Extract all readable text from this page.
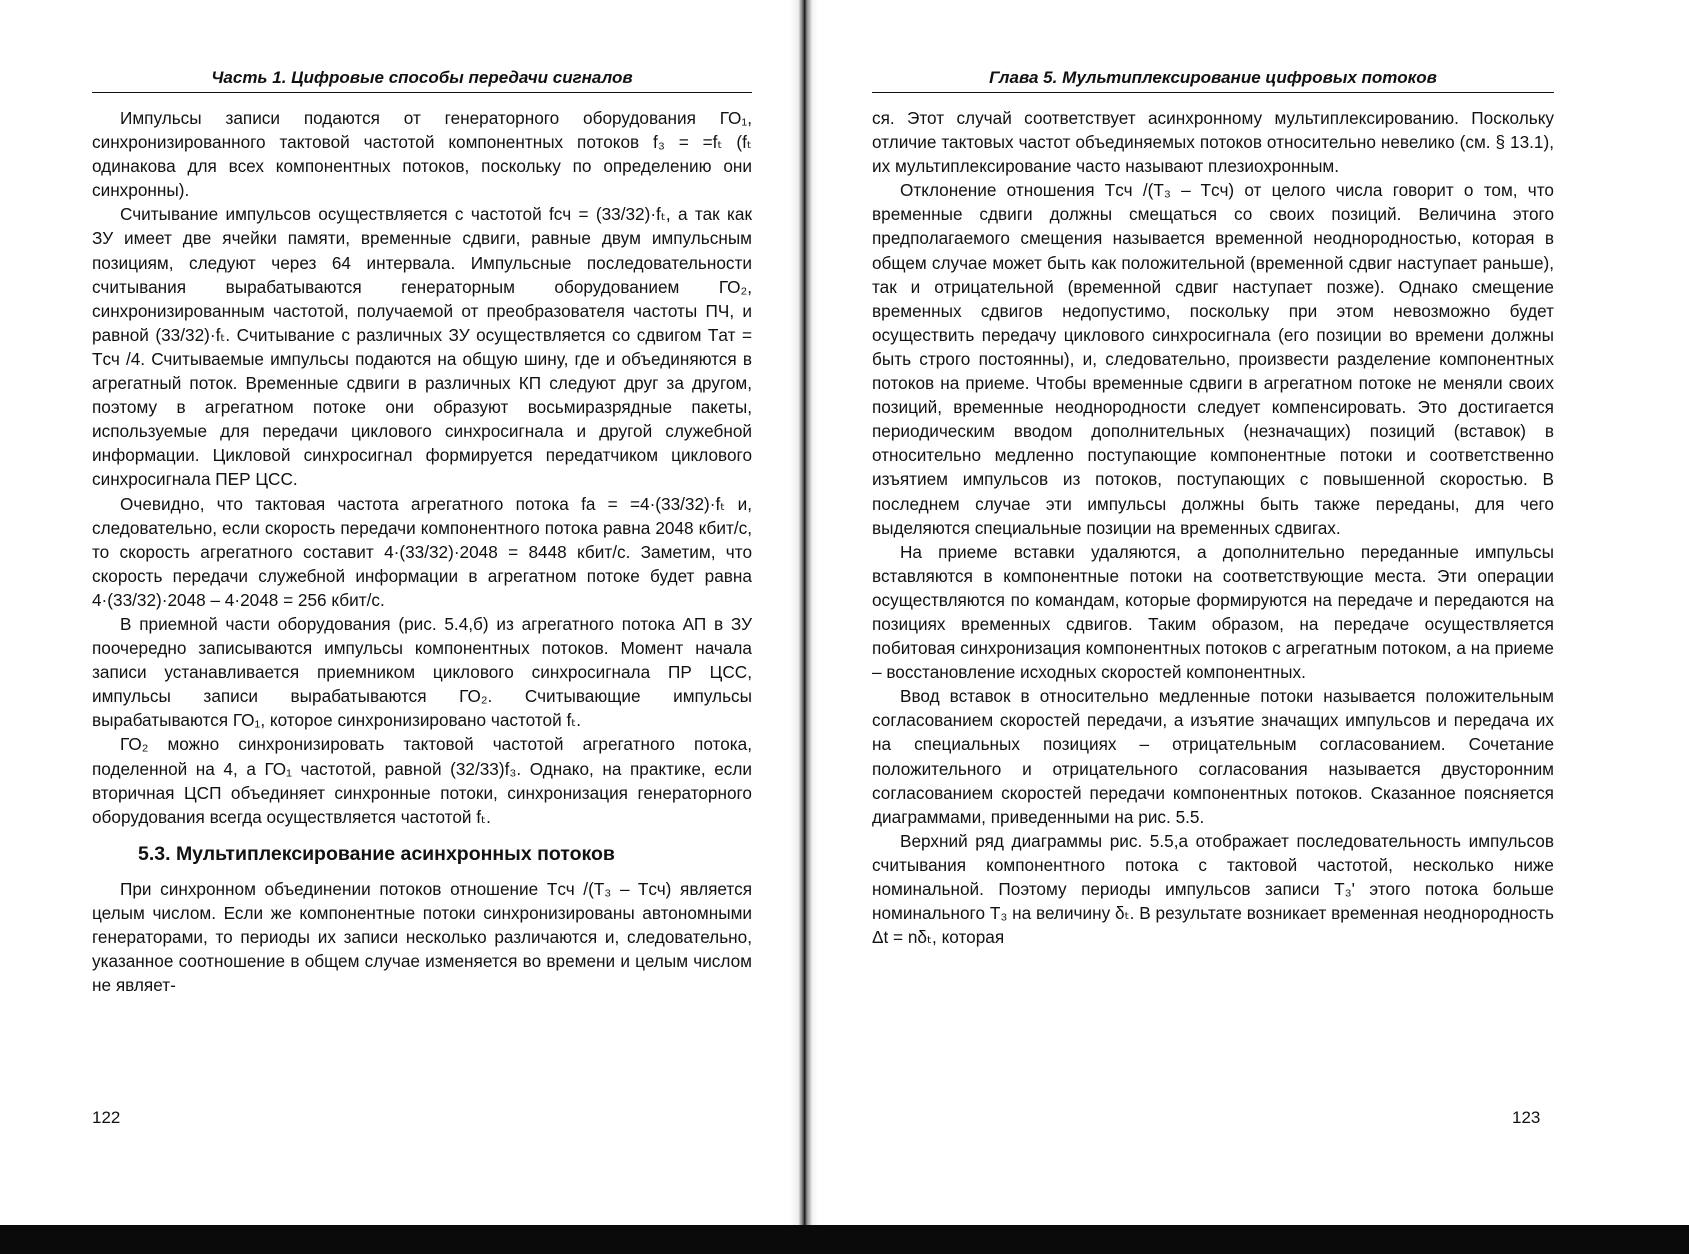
Часть 1. Цифровые способы передачи сигналов

Импульсы записи подаются от генераторного оборудования ГО₁, синхронизированного тактовой частотой компонентных потоков f₃ = =fₜ (fₜ одинакова для всех компонентных потоков, поскольку по определению они синхронны).

Считывание импульсов осуществляется с частотой fсч = (33/32)·fₜ, а так как ЗУ имеет две ячейки памяти, временные сдвиги, равные двум импульсным позициям, следуют через 64 интервала. Импульсные последовательности считывания вырабатываются генераторным оборудованием ГО₂, синхронизированным частотой, получаемой от преобразователя частоты ПЧ, и равной (33/32)·fₜ. Считывание с различных ЗУ осуществляется со сдвигом Tат = Tсч /4. Считываемые импульсы подаются на общую шину, где и объединяются в агрегатный поток. Временные сдвиги в различных КП следуют друг за другом, поэтому в агрегатном потоке они образуют восьмиразрядные пакеты, используемые для передачи циклового синхросигнала и другой служебной информации. Цикловой синхросигнал формируется передатчиком циклового синхросигнала ПЕР ЦСС.

Очевидно, что тактовая частота агрегатного потока fа = =4·(33/32)·fₜ и, следовательно, если скорость передачи компонентного потока равна 2048 кбит/с, то скорость агрегатного составит 4·(33/32)·2048 = 8448 кбит/с. Заметим, что скорость передачи служебной информации в агрегатном потоке будет равна 4·(33/32)·2048 – 4·2048 = 256 кбит/с.

В приемной части оборудования (рис. 5.4,б) из агрегатного потока АП в ЗУ поочередно записываются импульсы компонентных потоков. Момент начала записи устанавливается приемником циклового синхросигнала ПР ЦСС, импульсы записи вырабатываются ГО₂. Считывающие импульсы вырабатываются ГО₁, которое синхронизировано частотой fₜ.

ГО₂ можно синхронизировать тактовой частотой агрегатного потока, поделенной на 4, а ГО₁ частотой, равной (32/33)f₃. Однако, на практике, если вторичная ЦСП объединяет синхронные потоки, синхронизация генераторного оборудования всегда осуществляется частотой fₜ.

5.3. Мультиплексирование асинхронных потоков

При синхронном объединении потоков отношение Tсч /(T₃ – Tсч) является целым числом. Если же компонентные потоки синхронизированы автономными генераторами, то периоды их записи несколько различаются и, следовательно, указанное соотношение в общем случае изменяется во времени и целым числом не являет-

122
Глава 5. Мультиплексирование цифровых потоков

ся. Этот случай соответствует асинхронному мультиплексированию. Поскольку отличие тактовых частот объединяемых потоков относительно невелико (см. § 13.1), их мультиплексирование часто называют плезиохронным.

Отклонение отношения Tсч /(T₃ – Tсч) от целого числа говорит о том, что временные сдвиги должны смещаться со своих позиций. Величина этого предполагаемого смещения называется временной неоднородностью, которая в общем случае может быть как положительной (временной сдвиг наступает раньше), так и отрицательной (временной сдвиг наступает позже). Однако смещение временных сдвигов недопустимо, поскольку при этом невозможно будет осуществить передачу циклового синхросигнала (его позиции во времени должны быть строго постоянны), и, следовательно, произвести разделение компонентных потоков на приеме. Чтобы временные сдвиги в агрегатном потоке не меняли своих позиций, временные неоднородности следует компенсировать. Это достигается периодическим вводом дополнительных (незначащих) позиций (вставок) в относительно медленно поступающие компонентные потоки и соответственно изъятием импульсов из потоков, поступающих с повышенной скоростью. В последнем случае эти импульсы должны быть также переданы, для чего выделяются специальные позиции на временных сдвигах.

На приеме вставки удаляются, а дополнительно переданные импульсы вставляются в компонентные потоки на соответствующие места. Эти операции осуществляются по командам, которые формируются на передаче и передаются на позициях временных сдвигов. Таким образом, на передаче осуществляется побитовая синхронизация компонентных потоков с агрегатным потоком, а на приеме – восстановление исходных скоростей компонентных.

Ввод вставок в относительно медленные потоки называется положительным согласованием скоростей передачи, а изъятие значащих импульсов и передача их на специальных позициях – отрицательным согласованием. Сочетание положительного и отрицательного согласования называется двусторонним согласованием скоростей передачи компонентных потоков. Сказанное поясняется диаграммами, приведенными на рис. 5.5.

Верхний ряд диаграммы рис. 5.5,а отображает последовательность импульсов считывания компонентного потока с тактовой частотой, несколько ниже номинальной. Поэтому периоды импульсов записи T₃' этого потока больше номинального T₃ на величину δₜ. В результате возникает временная неоднородность Δt = nδₜ, которая

123
